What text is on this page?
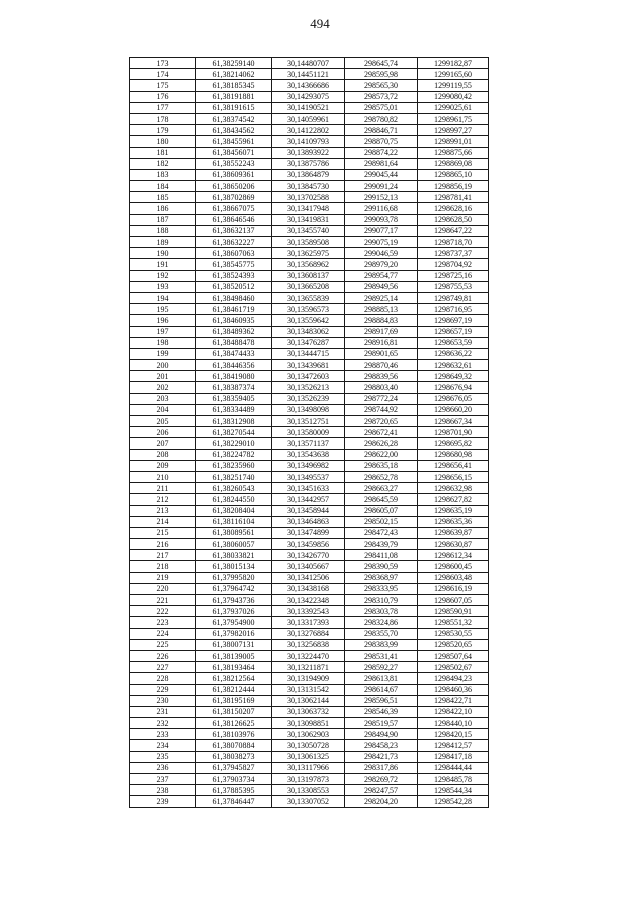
494
173	61,38259140	30,14480707	298645,74	1299182,87
174	61,38214062	30,14451121	298595,98	1299165,60
175	61,38185345	30,14366686	298565,30	1299119,55
176	61,38191881	30,14293075	298573,72	1299080,42
177	61,38191615	30,14190521	298575,01	1299025,61
178	61,38374542	30,14059961	298780,82	1298961,75
179	61,38434562	30,14122802	298846,71	1298997,27
180	61,38455961	30,14109793	298870,75	1298991,01
181	61,38456071	30,13893922	298874,22	1298875,66
182	61,38552243	30,13875786	298981,64	1298869,08
183	61,38609361	30,13864879	299045,44	1298865,10
184	61,38650206	30,13845730	299091,24	1298856,19
185	61,38702869	30,13702588	299152,13	1298781,41
186	61,38667075	30,13417948	299116,68	1298628,16
187	61,38646546	30,13419831	299093,78	1298628,50
188	61,38632137	30,13455740	299077,17	1298647,22
189	61,38632227	30,13589508	299075,19	1298718,70
190	61,38607063	30,13625975	299046,59	1298737,37
191	61,38545775	30,13568962	298979,20	1298704,92
192	61,38524393	30,13608137	298954,77	1298725,16
193	61,38520512	30,13665208	298949,56	1298755,53
194	61,38498460	30,13655839	298925,14	1298749,81
195	61,38461719	30,13596573	298885,13	1298716,95
196	61,38460935	30,13559642	298884,83	1298697,19
197	61,38489362	30,13483062	298917,69	1298657,19
198	61,38488478	30,13476287	298916,81	1298653,59
199	61,38474433	30,13444715	298901,65	1298636,22
200	61,38446356	30,13439681	298870,46	1298632,61
201	61,38419080	30,13472603	298839,56	1298649,32
202	61,38387374	30,13526213	298803,40	1298676,94
203	61,38359405	30,13526239	298772,24	1298676,05
204	61,38334489	30,13498098	298744,92	1298660,20
205	61,38312908	30,13512751	298720,65	1298667,34
206	61,38270544	30,13580009	298672,41	1298701,90
207	61,38229010	30,13571137	298626,28	1298695,82
208	61,38224782	30,13543638	298622,00	1298680,98
209	61,38235960	30,13496982	298635,18	1298656,41
210	61,38251740	30,13495537	298652,78	1298656,15
211	61,38260543	30,13451633	298663,27	1298632,98
212	61,38244550	30,13442957	298645,59	1298627,82
213	61,38208404	30,13458944	298605,07	1298635,19
214	61,38116104	30,13464863	298502,15	1298635,36
215	61,38089561	30,13474899	298472,43	1298639,87
216	61,38060057	30,13459856	298439,79	1298630,87
217	61,38033821	30,13426770	298411,08	1298612,34
218	61,38015134	30,13405667	298390,59	1298600,45
219	61,37995820	30,13412506	298368,97	1298603,48
220	61,37964742	30,13438168	298333,95	1298616,19
221	61,37943736	30,13422348	298310,79	1298607,05
222	61,37937026	30,13392543	298303,78	1298590,91
223	61,37954900	30,13317393	298324,86	1298551,32
224	61,37982016	30,13276884	298355,70	1298530,55
225	61,38007131	30,13256838	298383,99	1298520,65
226	61,38139005	30,13224470	298531,41	1298507,64
227	61,38193464	30,13211871	298592,27	1298502,67
228	61,38212564	30,13194909	298613,81	1298494,23
229	61,38212444	30,13131542	298614,67	1298460,36
230	61,38195169	30,13062144	298596,51	1298422,71
231	61,38150207	30,13063732	298546,39	1298422,10
232	61,38126625	30,13098851	298519,57	1298440,10
233	61,38103976	30,13062903	298494,90	1298420,15
234	61,38070884	30,13050728	298458,23	1298412,57
235	61,38038273	30,13061325	298421,73	1298417,18
236	61,37945827	30,13117966	298317,86	1298444,44
237	61,37903734	30,13197873	298269,72	1298485,78
238	61,37885395	30,13308553	298247,57	1298544,34
239	61,37846447	30,13307052	298204,20	1298542,28
